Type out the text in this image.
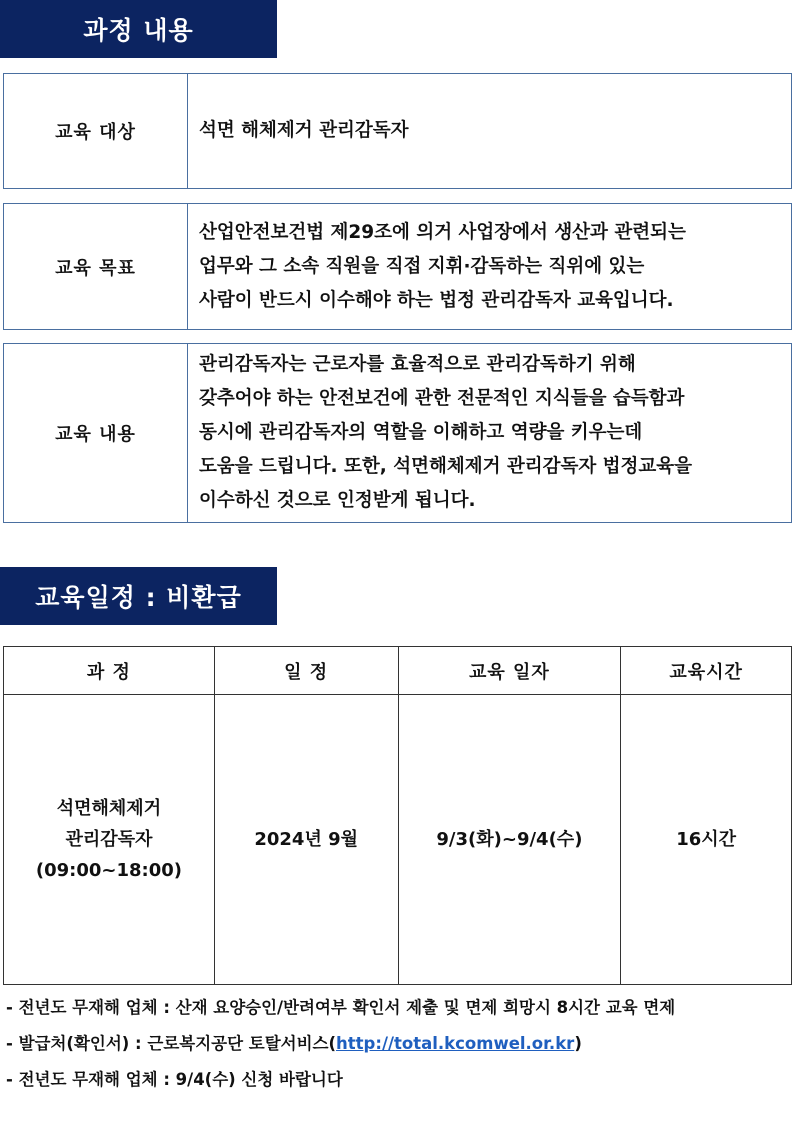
과정 내용
교육 대상	석면 해체제거 관리감독자
교육 목표
산업안전보건법 제29조에 의거 사업장에서 생산과 관련되는
업무와 그 소속 직원을 직접 지휘·감독하는 직위에 있는
사람이 반드시 이수해야 하는 법정 관리감독자 교육입니다.
교육 내용
관리감독자는 근로자를 효율적으로 관리감독하기 위해
갖추어야 하는 안전보건에 관한 전문적인 지식들을 습득함과
동시에 관리감독자의 역할을 이해하고 역량을 키우는데
도움을 드립니다. 또한, 석면해체제거 관리감독자 법정교육을
이수하신 것으로 인정받게 됩니다.
교육일정 : 비환급
과 정	일 정	교육 일자	교육시간

석면해체제거
관리감독자
(09:00~18:00)	2024년 9월	9/3(화)~9/4(수)	16시간
- 전년도 무재해 업체 : 산재 요양승인/반려여부 확인서 제출 및 면제 희망시 8시간 교육 면제
- 발급처(확인서) : 근로복지공단 토탈서비스(http://total.kcomwel.or.kr)
- 전년도 무재해 업체 : 9/4(수) 신청 바랍니다
